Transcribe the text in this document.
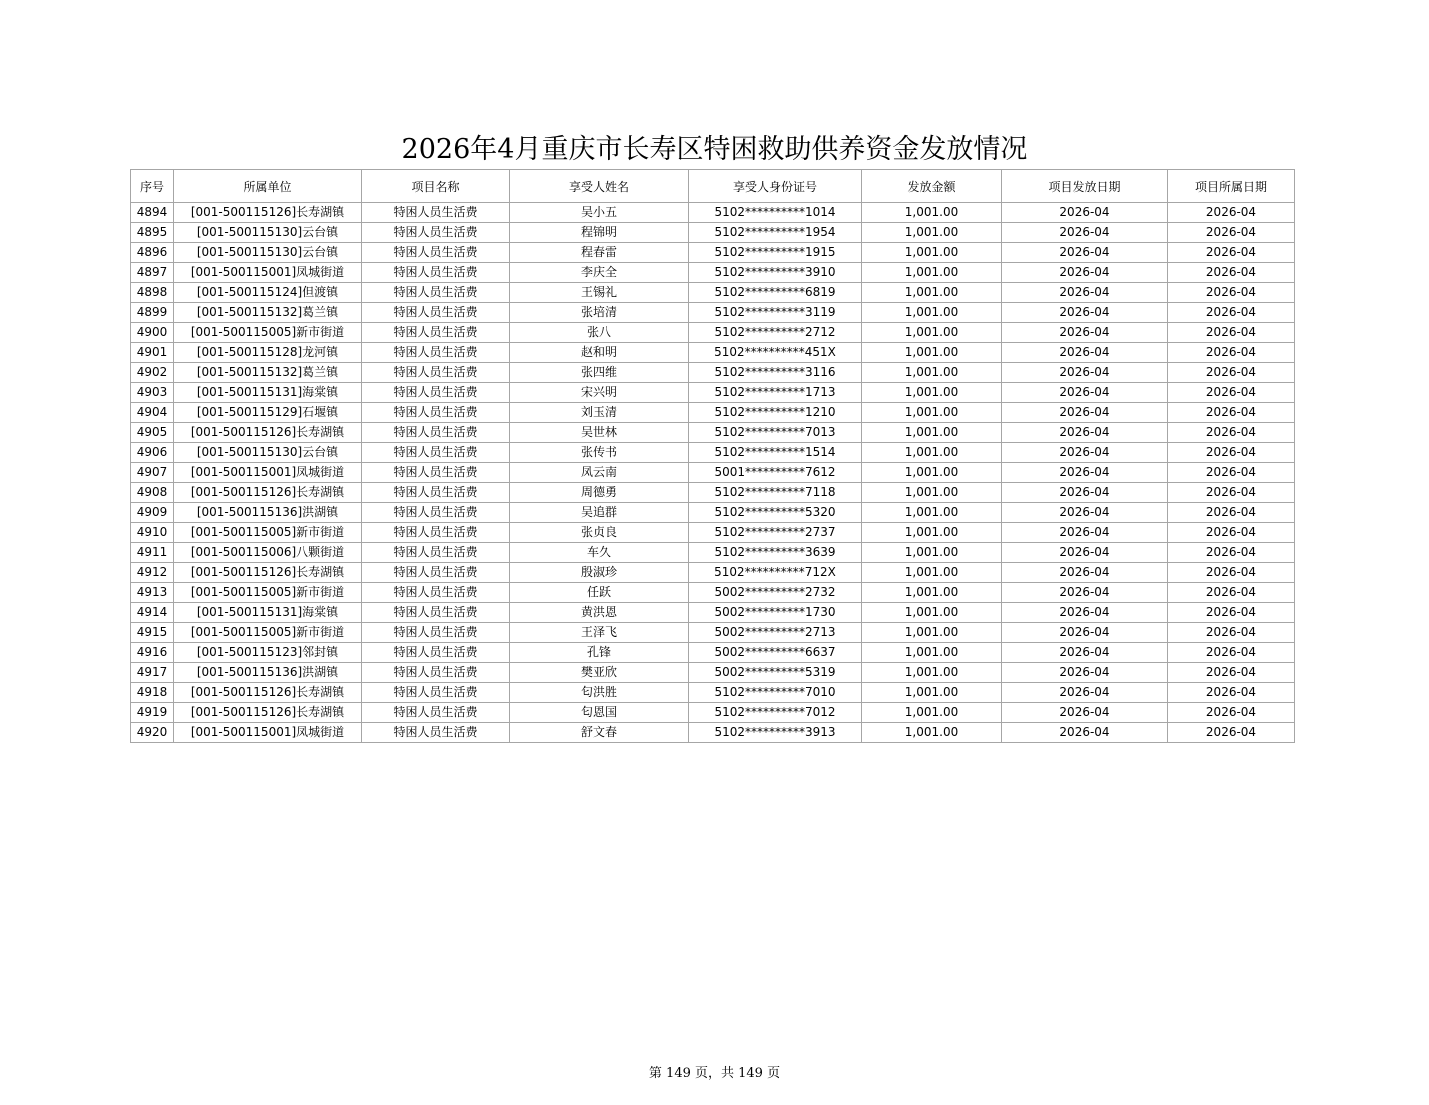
2026年4月重庆市长寿区特困救助供养资金发放情况
序号	所属单位	项目名称	享受人姓名	享受人身份证号	发放金额	项目发放日期	项目所属日期
4894	[001-500115126]长寿湖镇	特困人员生活费	吴小五	5102**********1014	1,001.00	2026-04	2026-04
4895	[001-500115130]云台镇	特困人员生活费	程锦明	5102**********1954	1,001.00	2026-04	2026-04
4896	[001-500115130]云台镇	特困人员生活费	程春雷	5102**********1915	1,001.00	2026-04	2026-04
4897	[001-500115001]凤城街道	特困人员生活费	李庆全	5102**********3910	1,001.00	2026-04	2026-04
4898	[001-500115124]但渡镇	特困人员生活费	王锡礼	5102**********6819	1,001.00	2026-04	2026-04
4899	[001-500115132]葛兰镇	特困人员生活费	张培清	5102**********3119	1,001.00	2026-04	2026-04
4900	[001-500115005]新市街道	特困人员生活费	张八	5102**********2712	1,001.00	2026-04	2026-04
4901	[001-500115128]龙河镇	特困人员生活费	赵和明	5102**********451X	1,001.00	2026-04	2026-04
4902	[001-500115132]葛兰镇	特困人员生活费	张四维	5102**********3116	1,001.00	2026-04	2026-04
4903	[001-500115131]海棠镇	特困人员生活费	宋兴明	5102**********1713	1,001.00	2026-04	2026-04
4904	[001-500115129]石堰镇	特困人员生活费	刘玉清	5102**********1210	1,001.00	2026-04	2026-04
4905	[001-500115126]长寿湖镇	特困人员生活费	吴世林	5102**********7013	1,001.00	2026-04	2026-04
4906	[001-500115130]云台镇	特困人员生活费	张传书	5102**********1514	1,001.00	2026-04	2026-04
4907	[001-500115001]凤城街道	特困人员生活费	凤云南	5001**********7612	1,001.00	2026-04	2026-04
4908	[001-500115126]长寿湖镇	特困人员生活费	周德勇	5102**********7118	1,001.00	2026-04	2026-04
4909	[001-500115136]洪湖镇	特困人员生活费	吴追群	5102**********5320	1,001.00	2026-04	2026-04
4910	[001-500115005]新市街道	特困人员生活费	张贞良	5102**********2737	1,001.00	2026-04	2026-04
4911	[001-500115006]八颗街道	特困人员生活费	车久	5102**********3639	1,001.00	2026-04	2026-04
4912	[001-500115126]长寿湖镇	特困人员生活费	殷淑珍	5102**********712X	1,001.00	2026-04	2026-04
4913	[001-500115005]新市街道	特困人员生活费	任跃	5002**********2732	1,001.00	2026-04	2026-04
4914	[001-500115131]海棠镇	特困人员生活费	黄洪恩	5002**********1730	1,001.00	2026-04	2026-04
4915	[001-500115005]新市街道	特困人员生活费	王泽飞	5002**********2713	1,001.00	2026-04	2026-04
4916	[001-500115123]邻封镇	特困人员生活费	孔锋	5002**********6637	1,001.00	2026-04	2026-04
4917	[001-500115136]洪湖镇	特困人员生活费	樊亚欣	5002**********5319	1,001.00	2026-04	2026-04
4918	[001-500115126]长寿湖镇	特困人员生活费	匂洪胜	5102**********7010	1,001.00	2026-04	2026-04
4919	[001-500115126]长寿湖镇	特困人员生活费	匂恩国	5102**********7012	1,001.00	2026-04	2026-04
4920	[001-500115001]凤城街道	特困人员生活费	舒文春	5102**********3913	1,001.00	2026-04	2026-04
第 149 页，共 149 页
